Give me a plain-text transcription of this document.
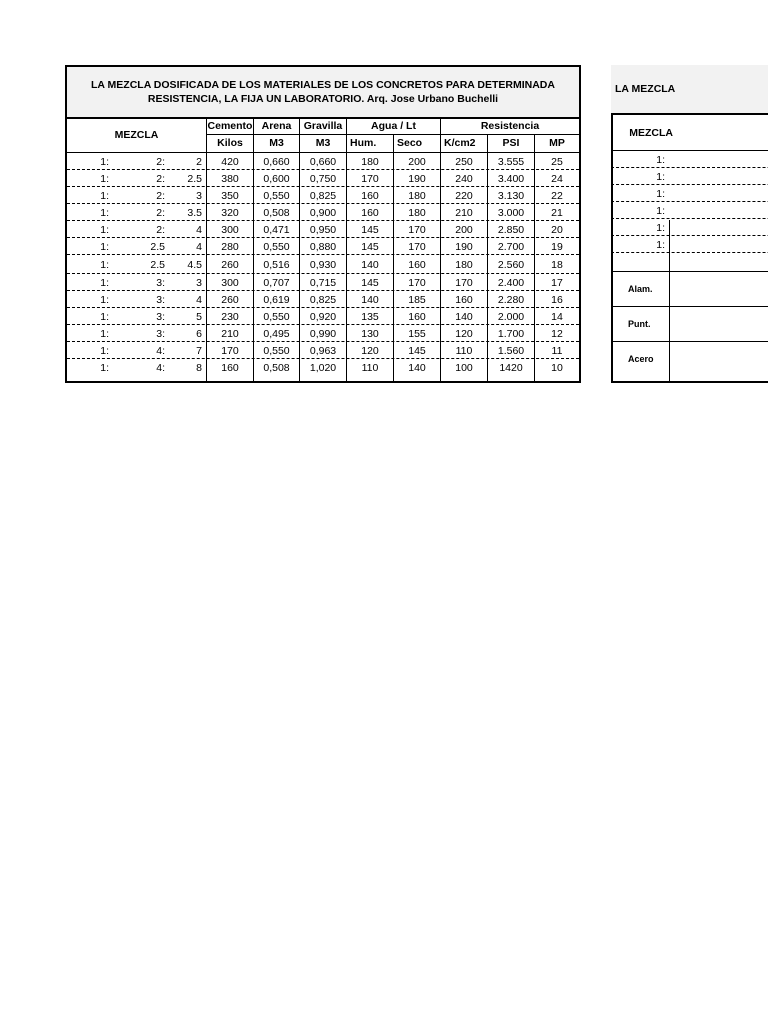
LA MEZCLA DOSIFICADA DE LOS MATERIALES DE LOS CONCRETOS PARA DETERMINADA
RESISTENCIA, LA FIJA UN LABORATORIO. Arq. Jose Urbano Buchelli
MEZCLA
Cemento Arena	Gravilla	Agua / Lt	Resistencia
Kilos	M3	M3	Hum.	Seco	K/cm2	PSI	MP
1:	2:	2	420	0,660	0,660	180	200	250	3.555	25
1:	2:	2.5	380	0,600	0,750	170	190	240	3.400	24
1:	2:	3	350	0,550	0,825	160	180	220	3.130	22
1:	2:	3.5	320	0,508	0,900	160	180	210	3.000	21
1:	2:	4	300	0,471	0,950	145	170	200	2.850	20
1:	2.5	4	280	0,550	0,880	145	170	190	2.700	19
1:	2.5	4.5	260	0,516	0,930	140	160	180	2.560	18
1:	3:	3	300	0,707	0,715	145	170	170	2.400	17
1:	3:	4	260	0,619	0,825	140	185	160	2.280	16
1:	3:	5	230	0,550	0,920	135	160	140	2.000	14
1:	3:	6	210	0,495	0,990	130	155	120	1.700	12
1:	4:	7	170	0,550	0,963	120	145	110	1.560	11
1:	4:	8	160	0,508	1,020	110	140	100	1420	10
LA MEZCLA
MEZCLA
1:
1:
1:
1:
1:
1:
Alam.
Punt.
Acero
